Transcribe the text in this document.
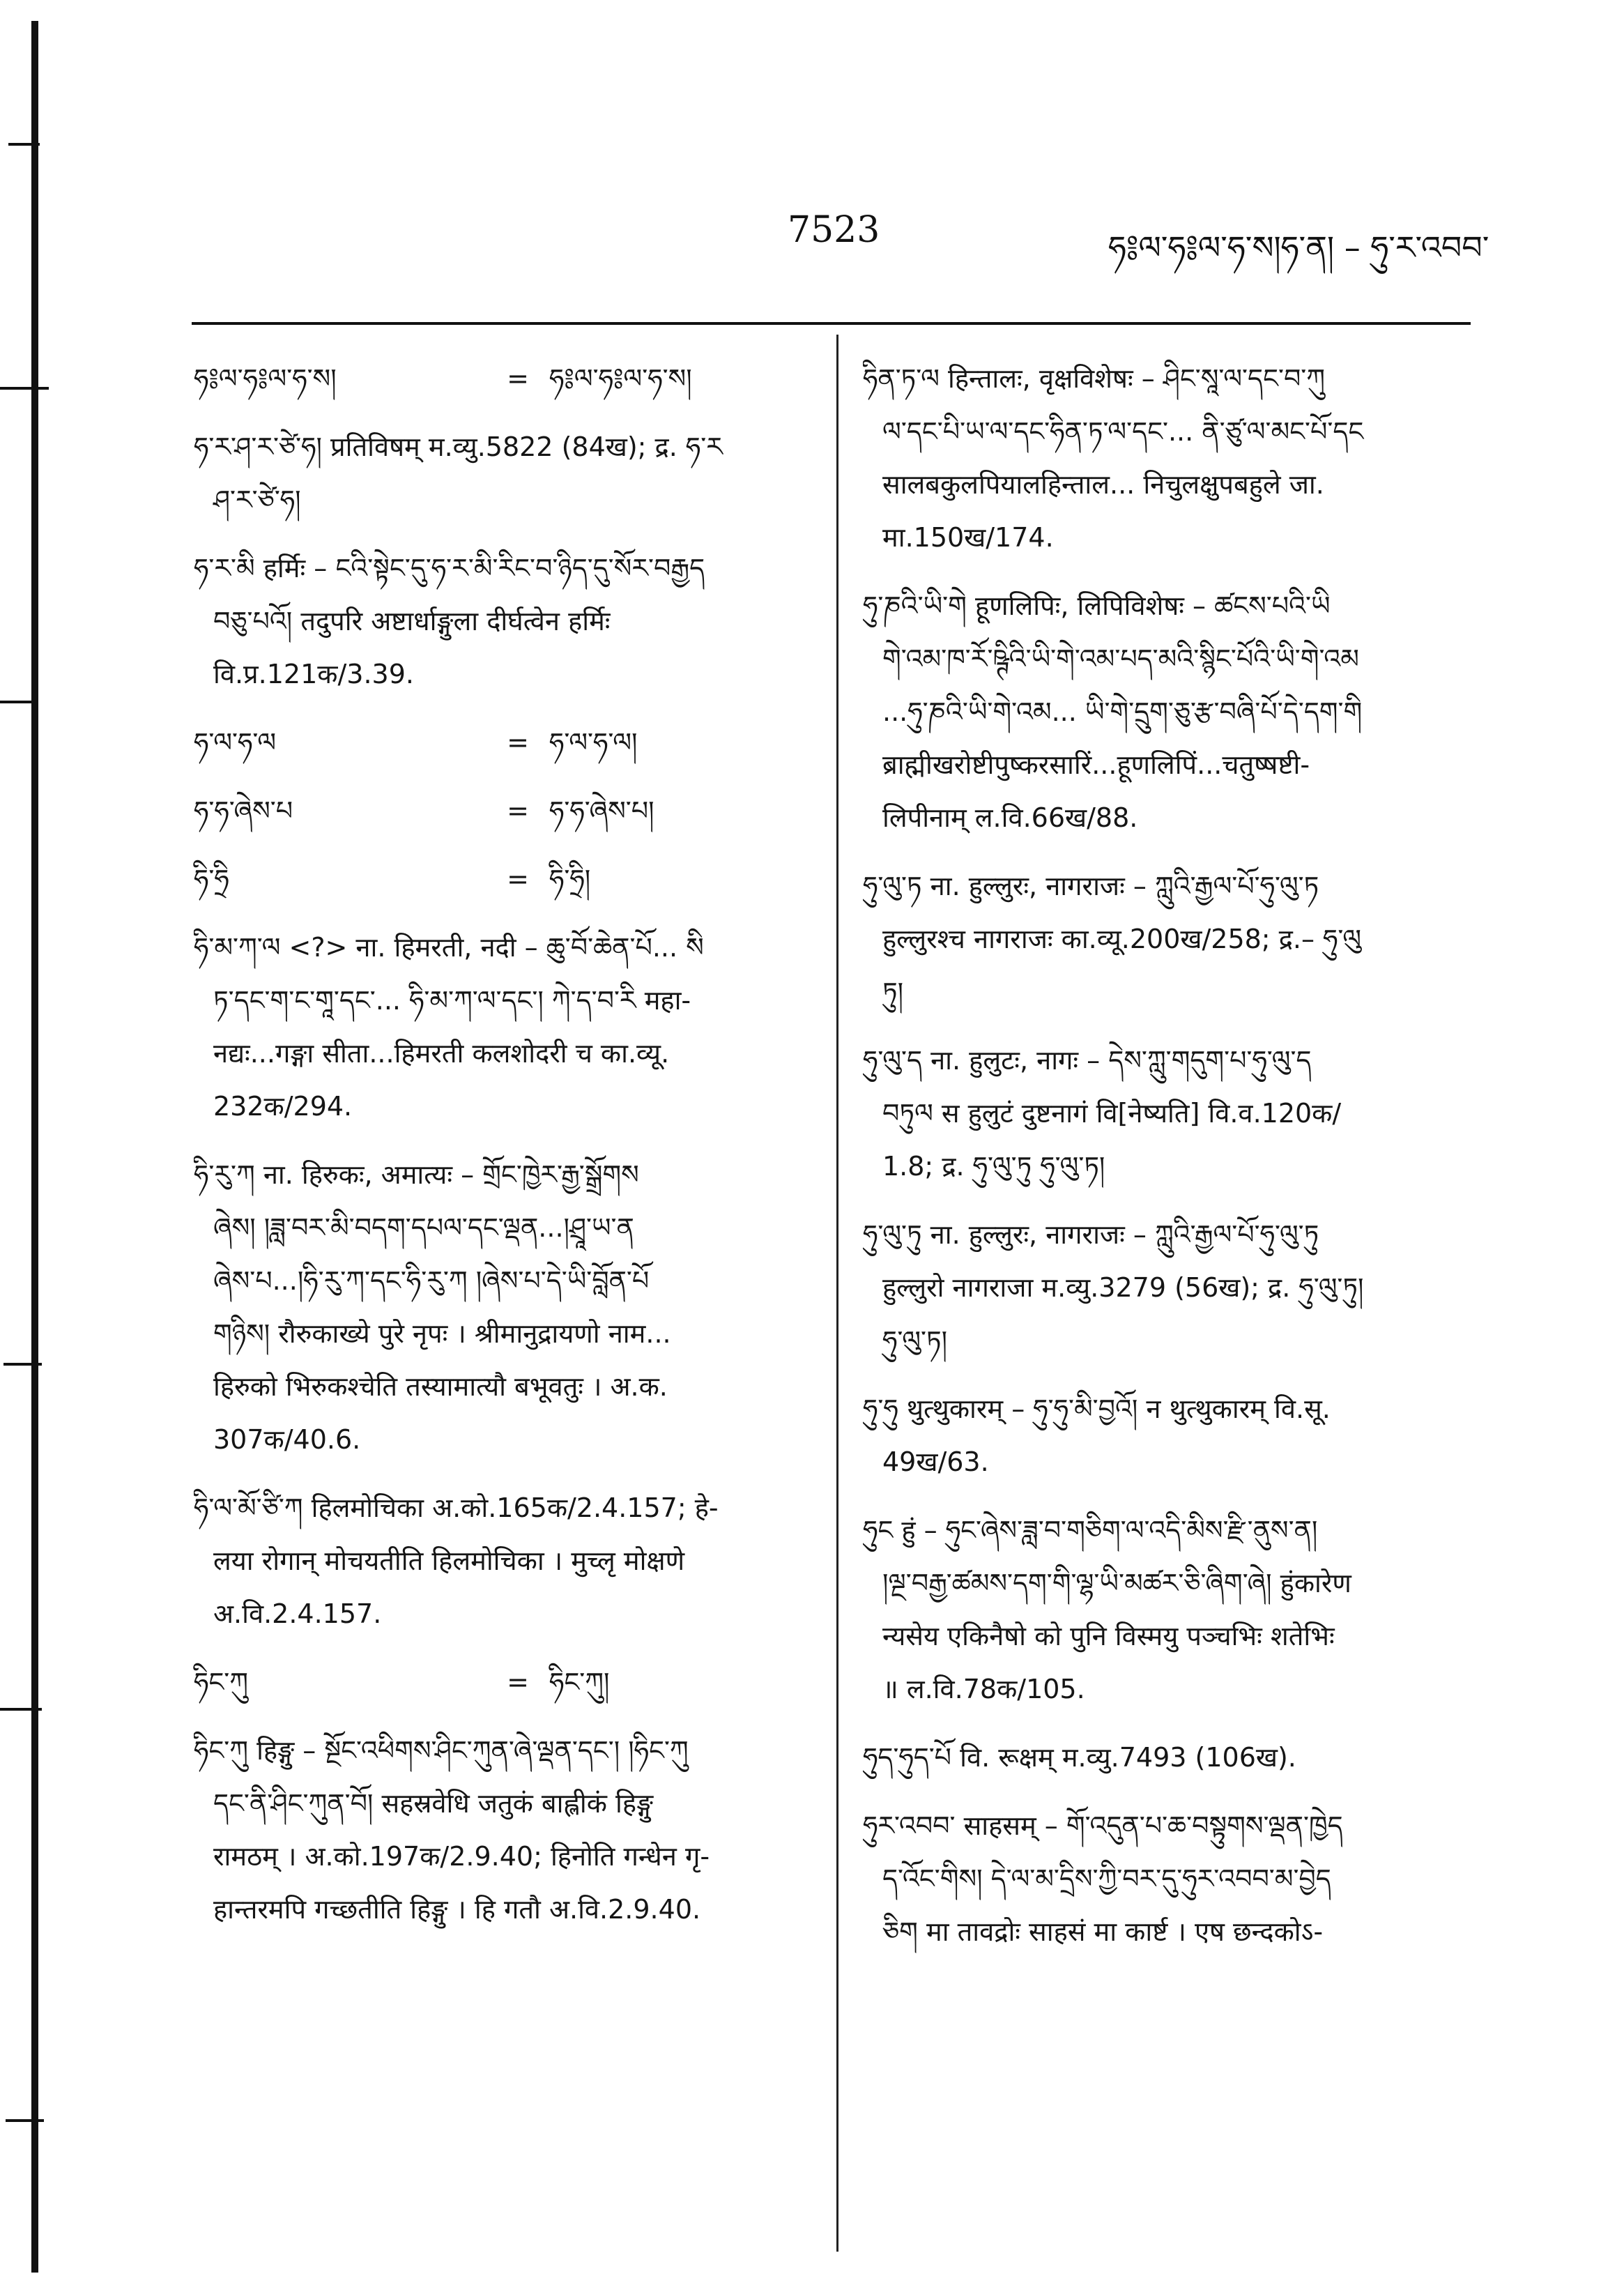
7523	ཧ༔ལ་ཧ༔ལ་ཧ་ས།ཧ་ན། – ཧུ་ར་འབབ་
ཧ༔ལ་ཧ༔ལ་ཧ་ས།	= ཧ༔ལ་ཧ༔ལ་ཧ་ས།
ཧ་ར་ཤ་ར་ཙེ་ཧ། प्रतिविषम् म.व्यु.5822 (84ख); द्र. ཧ་ར
ཤ་ར་ཙེ་ཧ།
ཧ་ར་མི हर्मिः – ངའི་སྟེང་དུ་ཧ་ར་མི་རིང་བ་ཉིད་དུ་སོར་བརྒྱད
བཅུ་པའོ། तदुपरि अष्टार्धाङ्गुला दीर्घत्वेन हर्मिः
वि.प्र.121क/3.39.
ཧ་ལ་ཧ་ལ	= ཧ་ལ་ཧ་ལ།
ཧ་ཧ་ཞེས་པ	= ཧ་ཧ་ཞེས་པ།
ཧི་ཧྲི	= ཧི་ཧྲི།
ཧི་མ་ཀ་ལ <?> ना. हिमरती, नदी – ཆུ་བོ་ཆེན་པོ... སི
ཏ་དང་ག་ང་གཱ་དང་... ཧི་མ་ཀ་ལ་དང་། ཀེ་ད་བ་རི महा-
नद्यः...गङ्गा सीता...हिमरती कलशोदरी च का.व्यू.
232क/294.
ཧི་རུ་ཀ ना. हिरुकः, अमात्यः – གྲོང་ཁྱེར་རྒྱ་སྒྲོགས
ཞེས། །ཟླ་བར་མི་བདག་དཔལ་དང་ལྡན...།ཤྲཱ་ཡ་ན
ཞེས་པ...།ཧི་རུ་ཀ་དང་ཧི་རུ་ཀ །ཞེས་པ་དེ་ཡི་བློན་པོ
གཉིས། रौरुकाख्ये पुरे नृपः । श्रीमानुद्रायणो नाम...
हिरुको भिरुकश्चेति तस्यामात्यौ बभूवतुः । अ.क.
307क/40.6.
ཧི་ལ་མོ་ཙི་ཀ हिलमोचिका अ.को.165क/2.4.157; हे-
लया रोगान् मोचयतीति हिलमोचिका । मुच्लृ मोक्षणे
अ.वि.2.4.157.
ཧིང་ཀུ	= ཧིང་ཀུ།
ཧིང་ཀུ हिङ्गु – སྔོང་འཕིགས་ཤིང་ཀུན་ཞེ་ལྡན་དང་། །ཧིང་ཀུ
དང་ནི་ཤིང་ཀུན་བོ། सहस्रवेधि जतुकं बाह्लीकं हिङ्गु
रामठम् । अ.को.197क/2.9.40; हिनोति गन्धेन गृ-
हान्तरमपि गच्छतीति हिङ्गु । हि गतौ अ.वि.2.9.40.
ཧིན་ཏ་ལ हिन्तालः, वृक्षविशेषः – ཤིང་སཱ་ལ་དང་བ་ཀུ
ལ་དང་པི་ཡ་ལ་དང་ཧིན་ཏ་ལ་དང་... ནི་ཙུ་ལ་མང་པོ་དང
सालबकुलपियालहिन्ताल... निचुलक्षुपबहुले जा.
मा.150ख/174.
ཧུ་ཎའི་ཡི་གེ हूणलिपिः, लिपिविशेषः – ཚངས་པའི་ཡི
གེ་འམ་ཁ་རོ་ཥྚིའི་ཡི་གེ་འམ་པད་མའི་སྙིང་པོའི་ཡི་གེ་འམ
...ཧུ་ཎའི་ཡི་གེ་འམ... ཡི་གེ་དྲུག་ཅུ་རྩ་བཞི་པོ་དེ་དག་གི
ब्राह्मीखरोष्टीपुष्करसारिं...हूणलिपिं...चतुष्षष्टी-
लिपीनाम् ल.वि.66ख/88.
ཧུ་ལུ་ཏ ना. हुल्लुरः, नागराजः – ཀླུའི་རྒྱལ་པོ་ཧུ་ལུ་ཏ
हुल्लुरश्च नागराजः का.व्यू.200ख/258; द्र.– ཧུ་ལུ
ཏུ།
ཧུ་ལུ་ད ना. हुलुटः, नागः – དེས་ཀླུ་གདུག་པ་ཧུ་ལུ་ད
བཏུལ स हुलुटं दुष्टनागं वि[नेष्यति] वि.व.120क/
1.8; द्र. ཧུ་ལུ་ཏུ ཧུ་ལུ་ཏ།
ཧུ་ལུ་ཏུ ना. हुल्लुरः, नागराजः – ཀླུའི་རྒྱལ་པོ་ཧུ་ལུ་ཏུ
हुल्लुरो नागराजा म.व्यु.3279 (56ख); द्र. ཧུ་ལུ་ཏུ།
ཧུ་ལུ་ཏ།
ཧུ་ཧུ थुत्थुकारम् – ཧུ་ཧུ་མི་བྱའོ། न थुत्थुकारम् वि.सू.
49ख/63.
ཧུང हुं – ཧུང་ཞེས་ཟླ་བ་གཅིག་ལ་འདི་མིས་རྫི་ནུས་ན།
།ལྔ་བརྒྱ་ཚམས་དག་གི་ལྷ་ཡི་མཚར་ཅི་ཞིག་ཞེ། हुंकारेण
न्यसेय एकिनैषो को पुनि विस्मयु पञ्चभिः शतेभिः
॥ ल.वि.78क/105.
ཧུད་ཧུད་པོ वि. रूक्षम् म.व्यु.7493 (106ख).
ཧུར་འབབ་ साहसम् – གོ་འདུན་པ་ཆ་བསྟུགས་ལྡན་ཁྱེད
ད་འོང་གིས། དེ་ལ་མ་དྲིས་ཀྱི་བར་དུ་ཧུར་འབབ་མ་བྱེད
ཅིག मा तावद्रोः साहसं मा कार्ष्ट । एष छन्दकोऽ-
